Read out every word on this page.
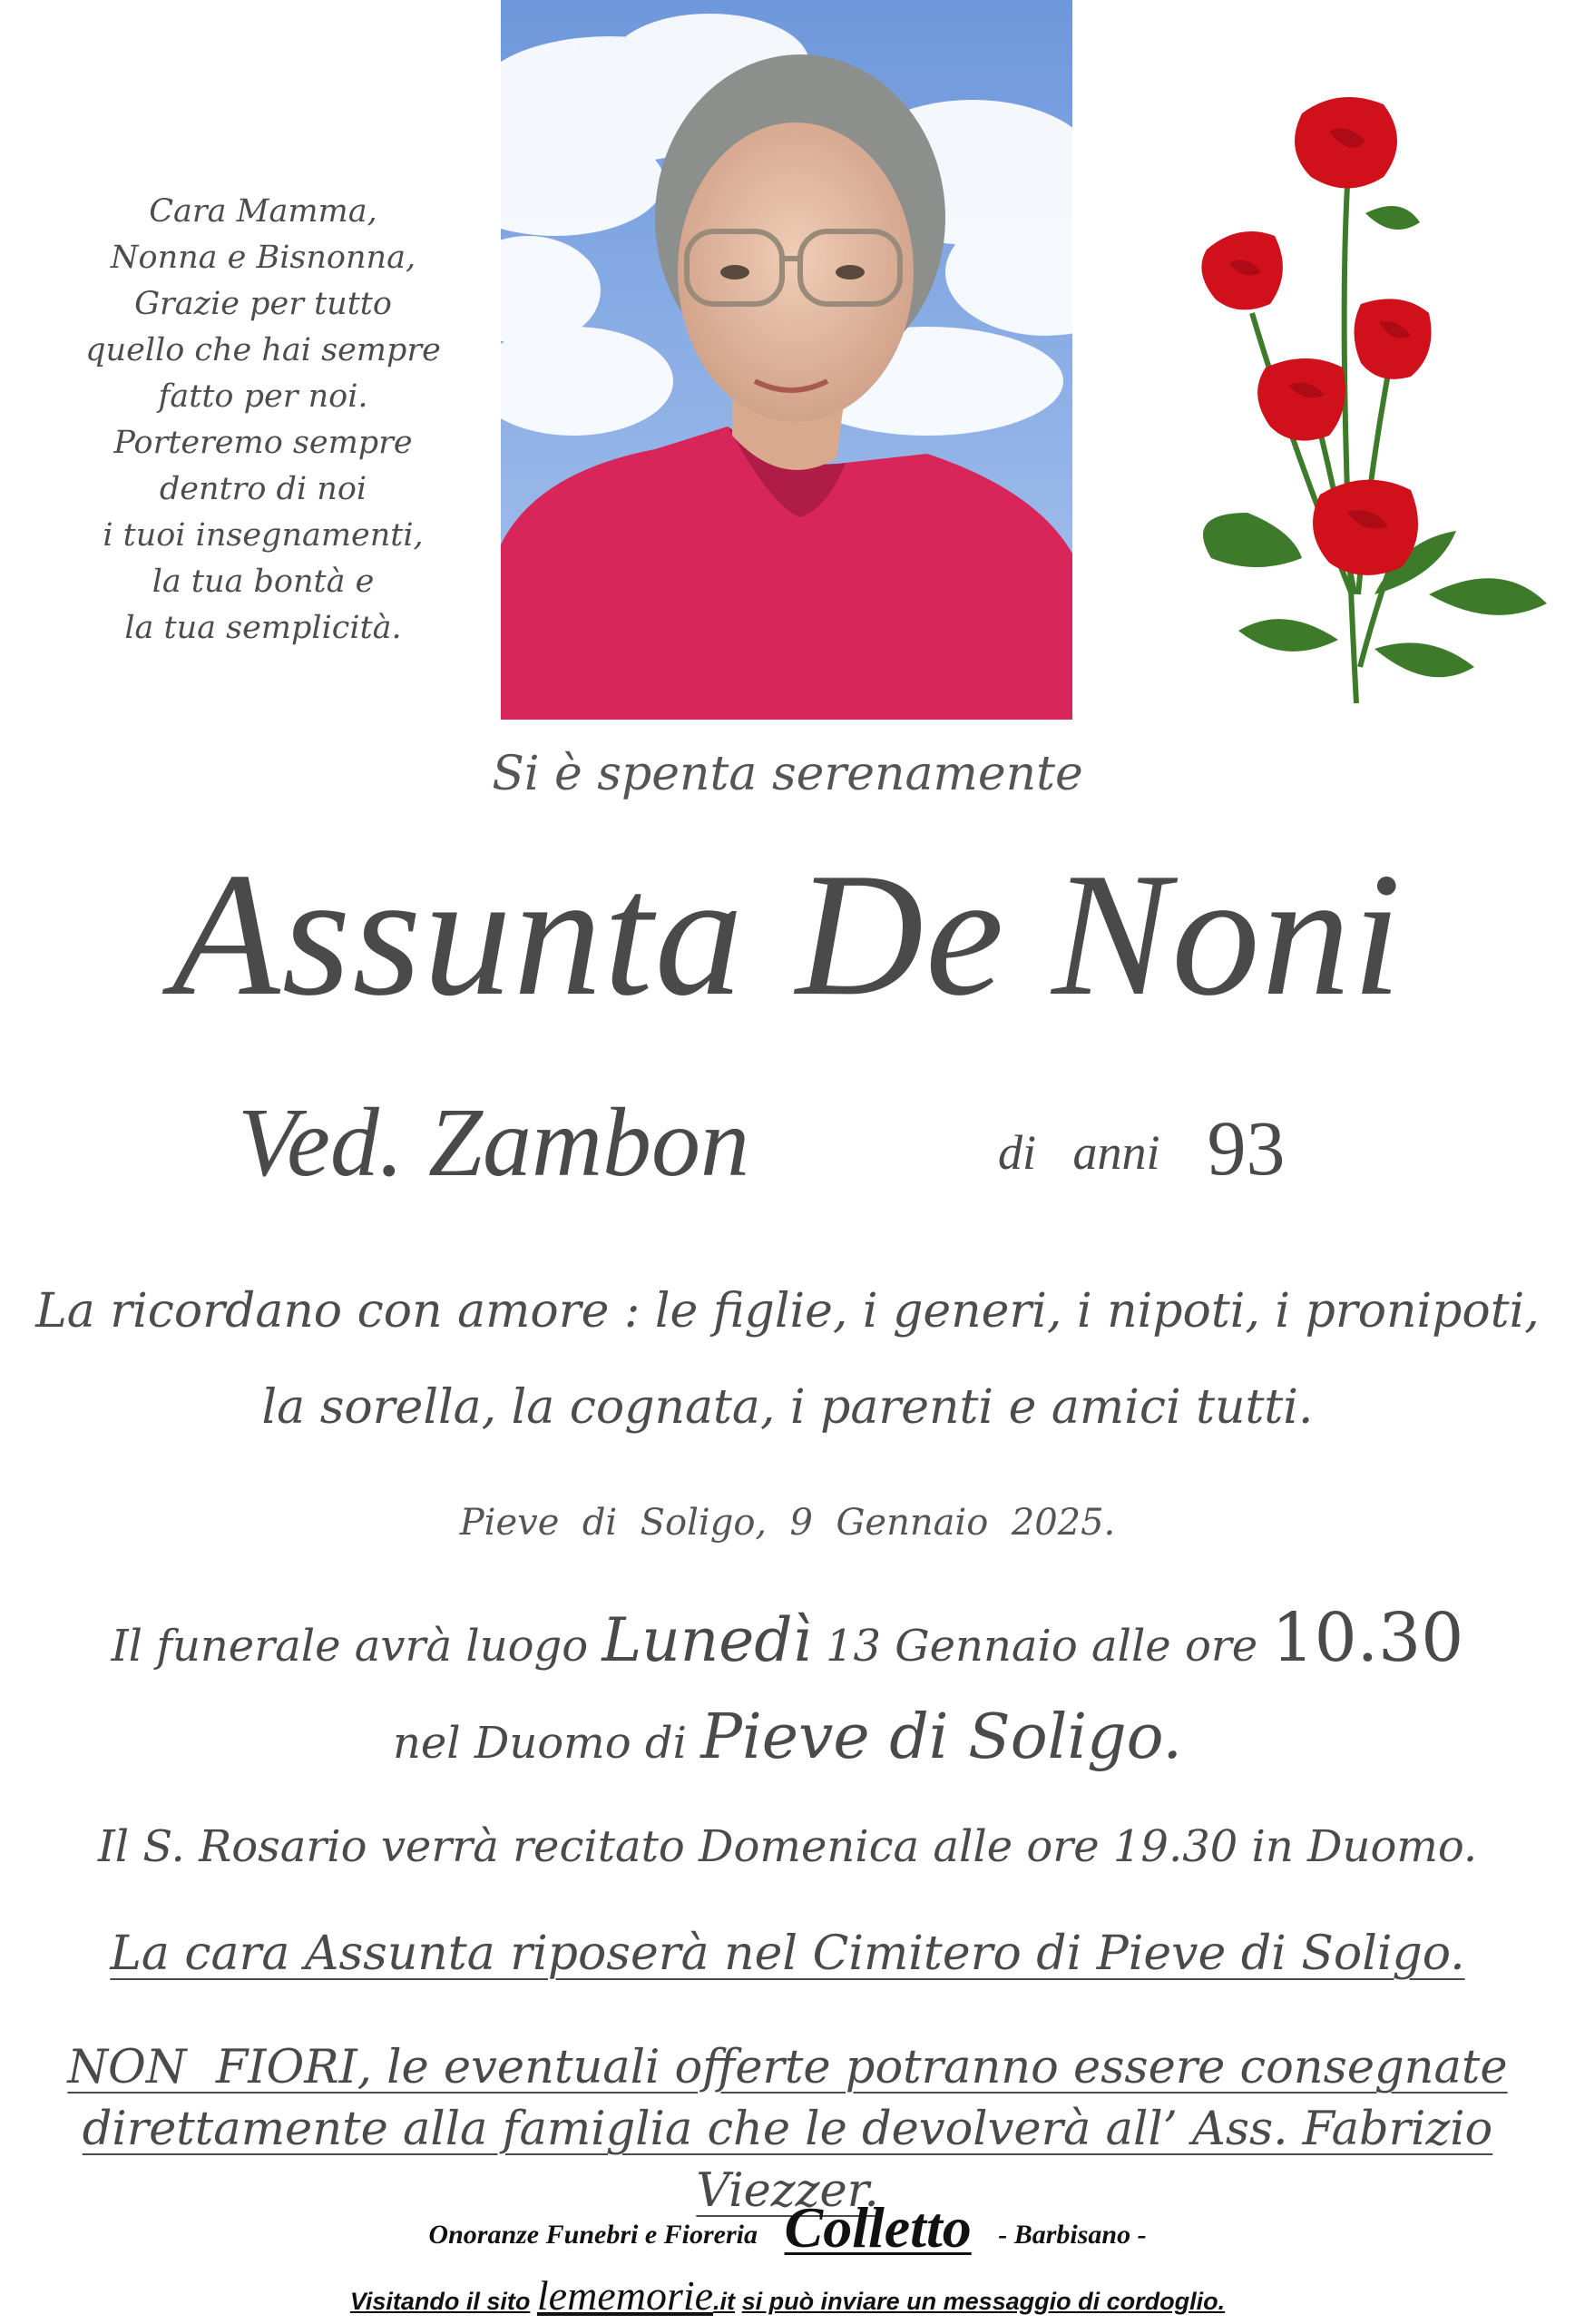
Cara Mamma,
Nonna e Bisnonna,
Grazie per tutto
quello che hai sempre
fatto per noi.
Porteremo sempre
dentro di noi
i tuoi insegnamenti,
la tua bontà e
la tua semplicità.
Si è spenta serenamente
Assunta De Noni
Ved. Zambon	di   anni 93
La ricordano con amore : le figlie, i generi, i nipoti, i pronipoti,
la sorella, la cognata, i parenti e amici tutti.
Pieve  di  Soligo,  9  Gennaio  2025.
Il funerale avrà luogo Lunedì 13 Gennaio alle ore 10.30
nel Duomo di Pieve di Soligo.
Il S. Rosario verrà recitato Domenica alle ore 19.30 in Duomo.
La cara Assunta riposerà nel Cimitero di Pieve di Soligo.
NON  FIORI, le eventuali offerte potranno essere consegnate
direttamente alla famiglia che le devolverà all’ Ass. Fabrizio Viezzer.
Onoranze Funebri e Fioreria Colletto - Barbisano -
Visitando il sito lememorie.it si può inviare un messaggio di cordoglio.
